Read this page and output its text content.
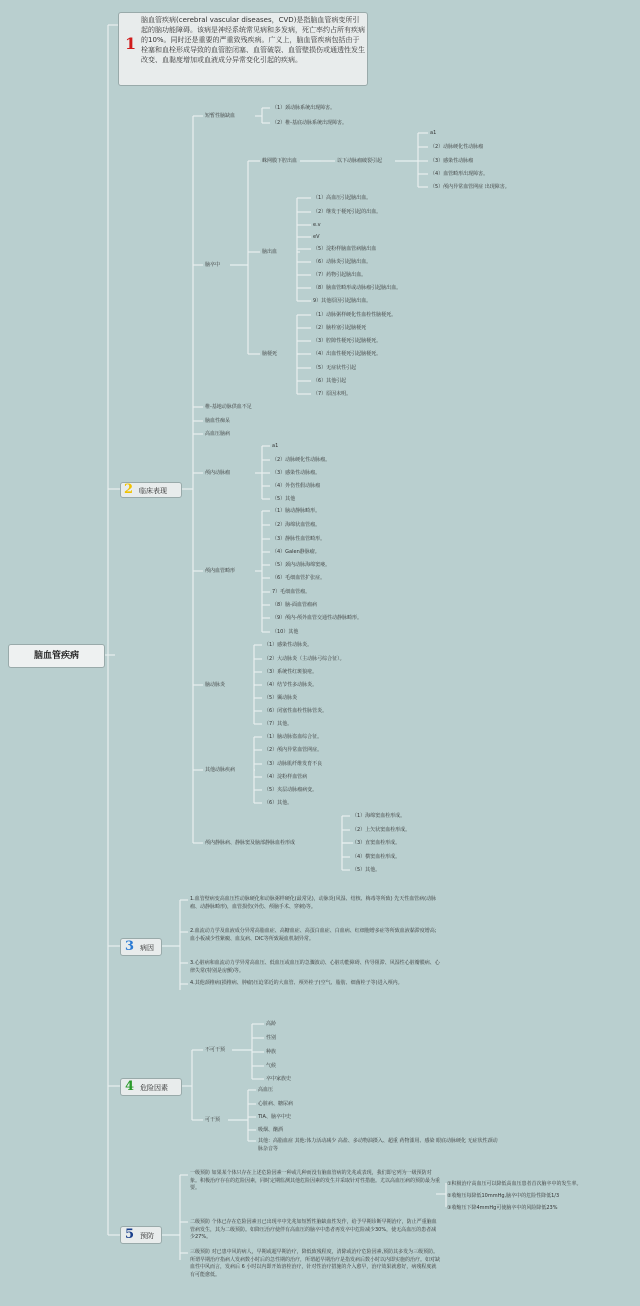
脑血管疾病
1
脑血管疾病(cerebral vascular diseases，CVD)是指脑血管病变所引起的脑功能障碍。该病是神经系统常见病和多发病，死亡率约占所有疾病的10%。同时还是重要的严重致残疾病。广义上，脑血管疾病包括由于栓塞和血栓形成导致的血管腔闭塞、血管破裂、血管壁损伤或通透性发生改变、血黏度增加或血液成分异常变化引起的疾病。
2 临床表现
短暂性脑缺血
（1）颈动脉系统出现障害。
（2）椎-基底动脉系统出现障害。
脑卒中
蛛网膜下腔出血	以下动脉瘤破裂引起
a1
（2）动脉硬化性动脉瘤
（3）感染性动脉瘤
（4）血管畸形出现障害。
（5）颅内异常血管网症 出现障害。
脑出血
（1）高血压引起脑出血。
（2）继发于梗死引起的出血。
e.v
eV
（5）淀粉样脑血管病脑出血
（6）动脉炎引起脑出血。
（7）药物引起脑出血。
（8）脑血管畸形或动脉瘤引起脑出血。
9）其他原因引起脑出血。
脑梗死
（1）动脉粥样硬化性血栓性脑梗死。
（2）脑栓塞引起脑梗死
（3）腔隙性梗死引起脑梗死。
（4）出血性梗死引起脑梗死。
（5）无症状性引起
（6）其他引起
（7）原因未明。
椎-基地动脉供血不足
脑血性痴呆
高血压脑病
颅内动脉瘤
a1
（2）动脉硬化性动脉瘤。
（3）感染性动脉瘤。
（4）外伤性假动脉瘤
（5）其他
颅内血管畸形
（1）脑动静脉畸形。
（2）海绵状血管瘤。
（3）静脉性血管畸形。
（4）Galen静脉瘤。
（5）颈内动脉海绵窦瘘。
（6）毛细血管扩张症。
7）毛细血管瘤。
（8）脑-面血管瘤病
（9）颅内-颅外血管交通性动静脉畸形。
（10）其他
脑动脉炎
（1）感染性动脉炎。
（2）大动脉炎（主动脉弓综合征）。
（3）系统性红斑狼疮。
（4）结节性多动脉炎。
（5）颞动脉炎
（6）闭塞性血栓性脉管炎。
（7）其他。
其他动脉疾病
（1）脑动脉盗血综合征。
（2）颅内异常血管网症。
（3）动脉肌纤维发育不良
（4）淀粉样血管病
（5）夹层动脉瘤病变。
（6）其他。
颅内静脉病、静脉窦及脑部静脉血栓形成
（1）海绵窦血栓形成。
（2）上矢状窦血栓形成。
（3）直窦血栓形成。
（4）横窦血栓形成。
（5）其他。
3 病因
1.血管壁病变高血压性动脉硬化和动脉粥样硬化(最常见)，动脉炎(风湿、结核、梅毒等所致) 先天性血管病(动脉瘤、动静脉畸形)，血管损伤(外伤、颅脑手术、穿刺)等。
2.血流动力学及血液成分异常高脂血症、高糖血症、高蛋白血症、白血病、红细胞增多症等所致血液黏滞度增高;血小板减少性紫癜、血友病、DIC等所致凝血机制异常。
3.心脏病和血流动力学异常高血压、低血压或血压的急骤波动、心脏功能障碍、传导阻滞、风湿性心脏瓣膜病、心律失常(特别是房颤)等。
4.其他颈椎病(损椎病、肿瘤)压迫邻近的大血管、颅外栓子(空气、脂肪、细菌栓子等)进入颅内。
4 危险因素
不可干预
高龄
性别
种族
气候
卒中家族史
可干预
高血压
心脏病、糖尿病
TIA、脑卒中史
吸烟、酗酒
其他：高脂血症 其他:体力活动减少 高盐、多动物油摄入、超重 药物滥用、感染 眼底动脉硬化 无症状性颈动脉杂音等
5 预防
一级预防 如果某个体只存在上述危险因素一种或几种而没有脑血管病的先兆或表现，我们即它列为一级预防对象。积极治疗存在的危险因素，同时定期监测其他危险因素的发生并采取针对性措施。尤以高血压病的预防最为重要。
二级预防 个体已存在危险因素且已出现卒中先兆如短暂性脑缺血性发作，给予早期诊断早期治疗，防止严重脑血管病发生，其为二级预防。如降压治疗使伴有高血压的脑卒中患者再发卒中危险减少30%，使无高血压的患者减少27%。
三级预防 对已患中风的病人，早期或超早期治疗，降低致残程度，清除或治疗危险因素,预防其多发为三级预防。所谓早期治疗指病人发病数小时后的急性期的治疗，所谓超早期治疗是指发病后数小时以内即实施的治疗。如对缺血性中风而言，发病后 6 小时以内即开始溶栓治疗，针对性治疗措施的介入愈早，治疗效果就愈好，病残程度就有可能愈低。
①积极治疗高血压可以降低高血压患者首次脑卒中的发生率。
②收缩压每降低10mmHg,脑卒中的危险性降低1/3
③收缩压下降4mmHg可使脑卒中的风险降低23%
